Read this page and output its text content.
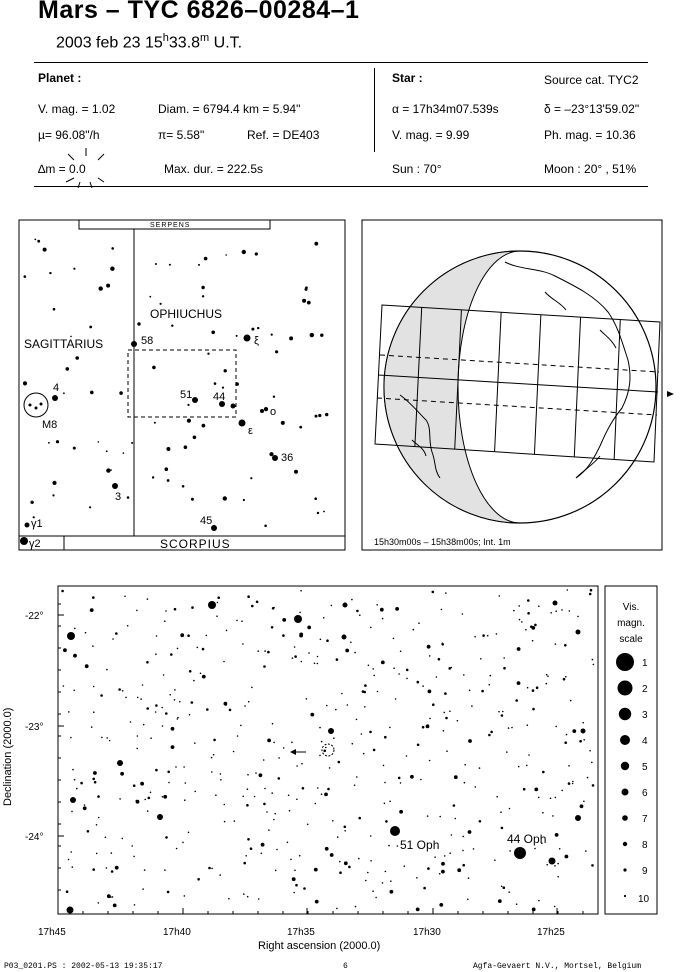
Mars – TYC 6826–00284–1
2003 feb 23 15$^h$33.8$^m$ U.T.
Planet :
V. mag. = 1.02	Diam. = 6794.4 km = 5.94"
µ= 96.08"/h	π= 5.58"	Ref. = DE403
∆m = 0.0	Max. dur. = 222.5s
Star :	Source cat. TYC2
α = 17h34m07.539s	δ = –23°13'59.02"
V. mag. = 9.99	Ph. mag. = 10.36
Sun : 70°	Moon : 20° , 51%
SERPENS
OPHIUCHUS
SAGITTARIUS
SCORPIUS
M8
58	ξ
4
51 44
o
ε
36
3
45
γ1
γ2	15h30m00s – 15h38m00s; Int. 1m
17h45	17h40	17h35	17h30	17h25
-22°
-23°
-24°
Right ascension (2000.0)
Declination (2000.0)
51 Oph	44 Oph
Vis.
magn.
scale
1
2
3
4
5
6
7
8
9
10
P03_0201.PS : 2002-05-13 19:35:17	6	Agfa-Gevaert N.V., Mortsel, Belgium
